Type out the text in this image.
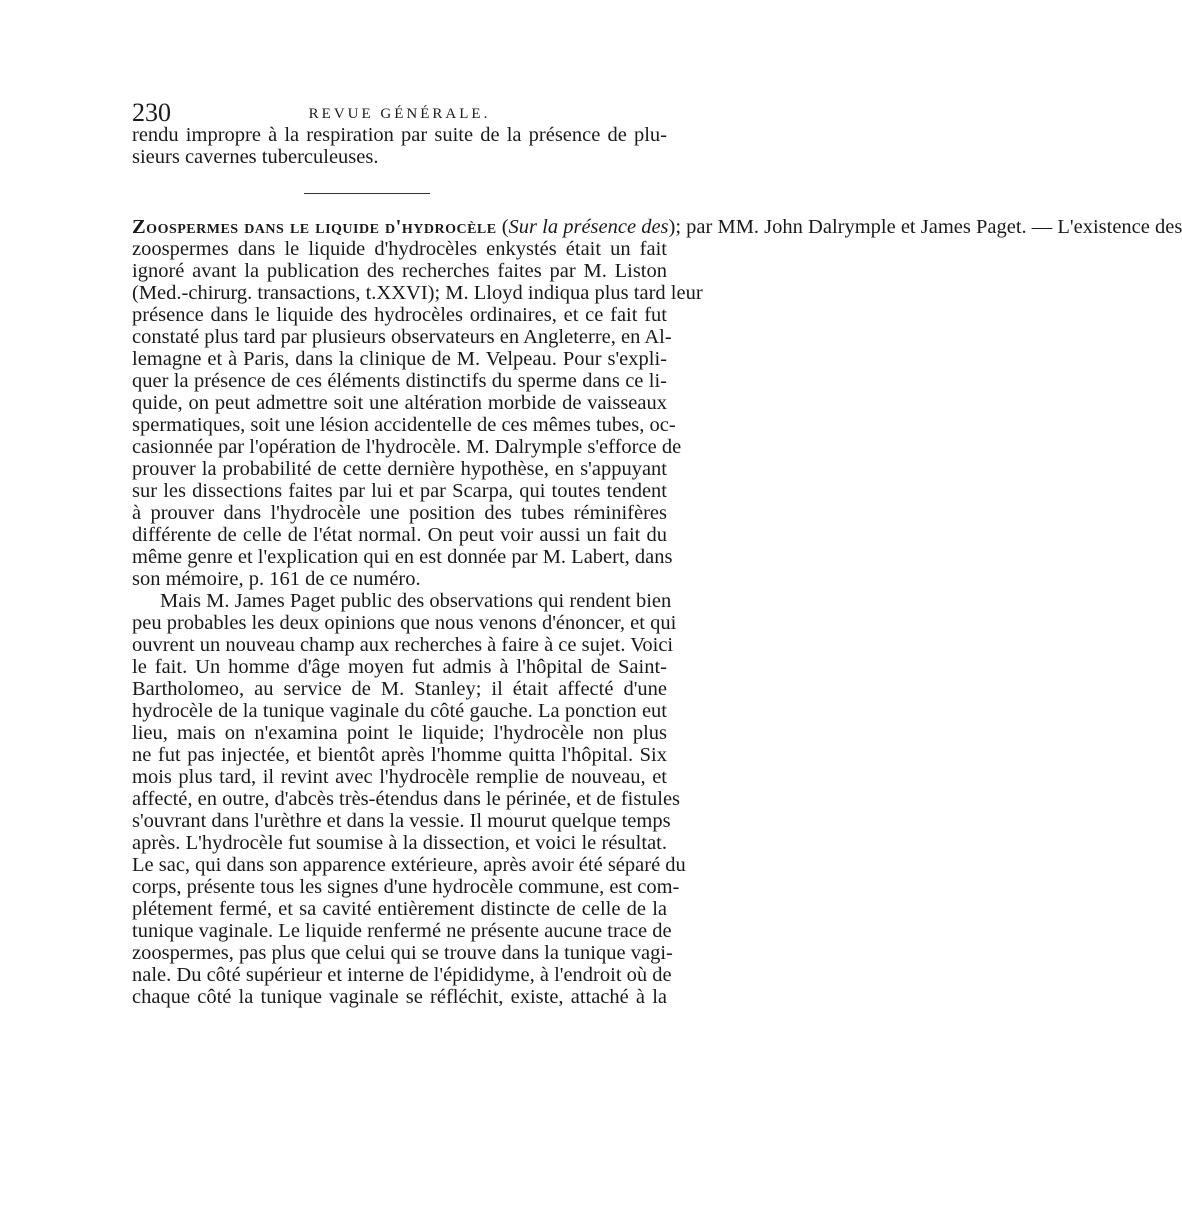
230	REVUE GÉNÉRALE.
rendu impropre à la respiration par suite de la présence de plu-
sieurs cavernes tuberculeuses.
Zoospermes dans le liquide d'hydrocèle (Sur la présence des); par MM. John Dalrymple et James Paget. — L'existence des
zoospermes dans le liquide d'hydrocèles enkystés était un fait
ignoré avant la publication des recherches faites par M. Liston
(Med.-chirurg. transactions, t.XXVI); M. Lloyd indiqua plus tard leur
présence dans le liquide des hydrocèles ordinaires, et ce fait fut
constaté plus tard par plusieurs observateurs en Angleterre, en Al-
lemagne et à Paris, dans la clinique de M. Velpeau. Pour s'expli-
quer la présence de ces éléments distinctifs du sperme dans ce li-
quide, on peut admettre soit une altération morbide de vaisseaux
spermatiques, soit une lésion accidentelle de ces mêmes tubes, oc-
casionnée par l'opération de l'hydrocèle. M. Dalrymple s'efforce de
prouver la probabilité de cette dernière hypothèse, en s'appuyant
sur les dissections faites par lui et par Scarpa, qui toutes tendent
à prouver dans l'hydrocèle une position des tubes réminifères
différente de celle de l'état normal. On peut voir aussi un fait du
même genre et l'explication qui en est donnée par M. Labert, dans
son mémoire, p. 161 de ce numéro.
Mais M. James Paget public des observations qui rendent bien
peu probables les deux opinions que nous venons d'énoncer, et qui
ouvrent un nouveau champ aux recherches à faire à ce sujet. Voici
le fait. Un homme d'âge moyen fut admis à l'hôpital de Saint-
Bartholomeo, au service de M. Stanley; il était affecté d'une
hydrocèle de la tunique vaginale du côté gauche. La ponction eut
lieu, mais on n'examina point le liquide; l'hydrocèle non plus
ne fut pas injectée, et bientôt après l'homme quitta l'hôpital. Six
mois plus tard, il revint avec l'hydrocèle remplie de nouveau, et
affecté, en outre, d'abcès très-étendus dans le périnée, et de fistules
s'ouvrant dans l'urèthre et dans la vessie. Il mourut quelque temps
après. L'hydrocèle fut soumise à la dissection, et voici le résultat.
Le sac, qui dans son apparence extérieure, après avoir été séparé du
corps, présente tous les signes d'une hydrocèle commune, est com-
plétement fermé, et sa cavité entièrement distincte de celle de la
tunique vaginale. Le liquide renfermé ne présente aucune trace de
zoospermes, pas plus que celui qui se trouve dans la tunique vagi-
nale. Du côté supérieur et interne de l'épididyme, à l'endroit où de
chaque côté la tunique vaginale se réfléchit, existe, attaché à la
